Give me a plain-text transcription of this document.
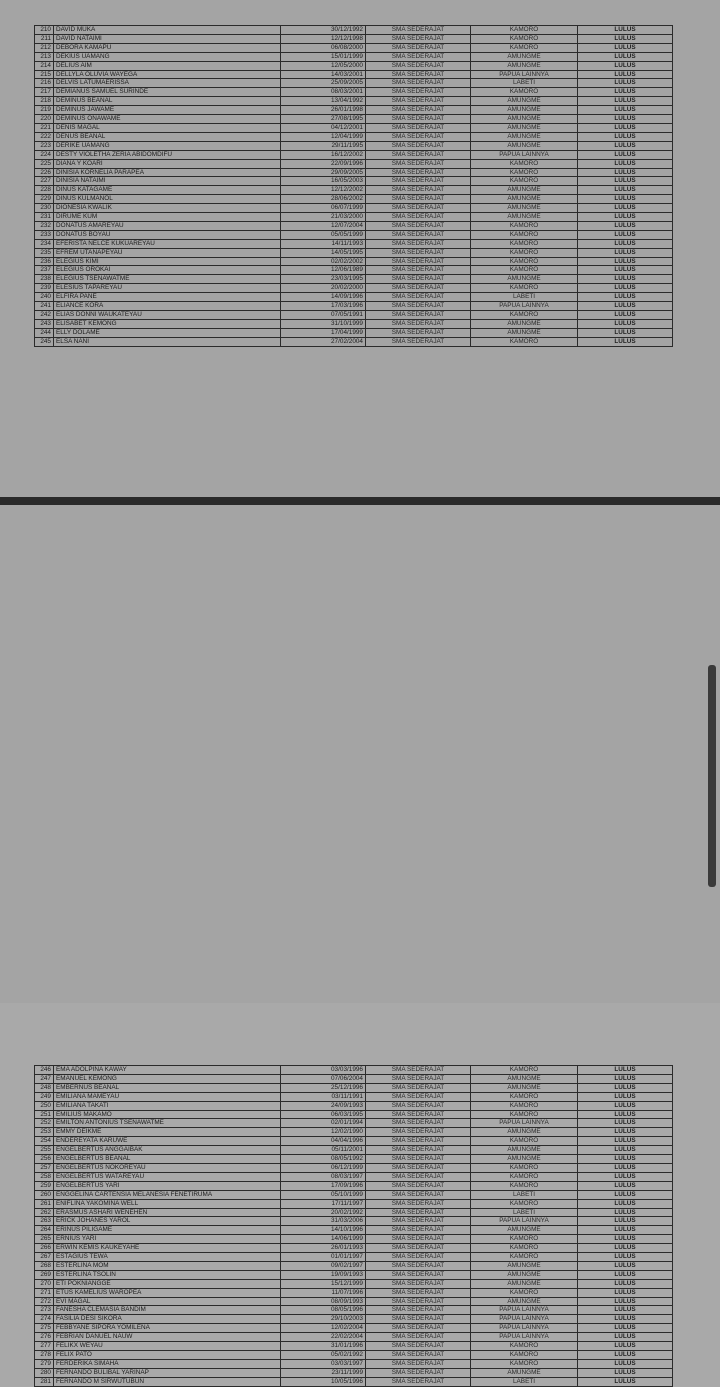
210	DAVID MUKA	30/12/1992	SMA SEDERAJAT	KAMORO	LULUS
211	DAVID NATAIMI	12/12/1998	SMA SEDERAJAT	KAMORO	LULUS
212	DEBORA KAMAPU	06/08/2000	SMA SEDERAJAT	KAMORO	LULUS
213	DEKIUS UAMANG	15/01/1999	SMA SEDERAJAT	AMUNGME	LULUS
214	DELIUS AIM	12/05/2000	SMA SEDERAJAT	AMUNGME	LULUS
215	DELLYLA OLUVIA WAYEGA	14/03/2001	SMA SEDERAJAT	PAPUA LAINNYA	LULUS
216	DELVIS LATUMAERISSA	25/09/2005	SMA SEDERAJAT	LABETI	LULUS
217	DEMIANUS SAMUEL SURINDE	08/03/2001	SMA SEDERAJAT	KAMORO	LULUS
218	DEMINUS BEANAL	13/04/1992	SMA SEDERAJAT	AMUNGME	LULUS
219	DEMINUS JAWAME	26/01/1998	SMA SEDERAJAT	AMUNGME	LULUS
220	DEMINUS ONAWAME	27/08/1995	SMA SEDERAJAT	AMUNGME	LULUS
221	DENIS MAGAL	04/12/2001	SMA SEDERAJAT	AMUNGME	LULUS
222	DENUS BEANAL	12/04/1999	SMA SEDERAJAT	AMUNGME	LULUS
223	DERIKE UAMANG	29/11/1995	SMA SEDERAJAT	AMUNGME	LULUS
224	DESTY VIOLETHA ZERIA ABIDOMDIFU	16/12/2002	SMA SEDERAJAT	PAPUA LAINNYA	LULUS
225	DIANA Y KOARI	22/09/1996	SMA SEDERAJAT	KAMORO	LULUS
226	DINISIA KORNELIA PARAPEA	29/09/2005	SMA SEDERAJAT	KAMORO	LULUS
227	DINISIA NATAIMI	16/05/2003	SMA SEDERAJAT	KAMORO	LULUS
228	DINUS KATAGAME	12/12/2002	SMA SEDERAJAT	AMUNGME	LULUS
229	DINUS KULMANOL	28/06/2002	SMA SEDERAJAT	AMUNGME	LULUS
230	DIONESIA KWALIK	06/07/1999	SMA SEDERAJAT	AMUNGME	LULUS
231	DIRUME KUM	21/03/2000	SMA SEDERAJAT	AMUNGME	LULUS
232	DONATUS AMAREYAU	12/07/2004	SMA SEDERAJAT	KAMORO	LULUS
233	DONATUS BOYAU	05/05/1999	SMA SEDERAJAT	KAMORO	LULUS
234	EFERISTA NELCE KUKUAREYAU	14/11/1993	SMA SEDERAJAT	KAMORO	LULUS
235	EFREM UTANAPEYAU	14/05/1995	SMA SEDERAJAT	KAMORO	LULUS
236	ELEGIUS KIMI	02/02/2002	SMA SEDERAJAT	KAMORO	LULUS
237	ELEGIUS OROKAI	12/06/1989	SMA SEDERAJAT	KAMORO	LULUS
238	ELEGIUS TSENAWATME	23/03/1995	SMA SEDERAJAT	AMUNGME	LULUS
239	ELESIUS TAPAREYAU	20/02/2000	SMA SEDERAJAT	KAMORO	LULUS
240	ELFIRA PANE	14/09/1996	SMA SEDERAJAT	LABETI	LULUS
241	ELIANCE KORA	17/03/1996	SMA SEDERAJAT	PAPUA LAINNYA	LULUS
242	ELIAS DONNI WAUKATEYAU	07/05/1991	SMA SEDERAJAT	KAMORO	LULUS
243	ELISABET KEMONG	31/10/1999	SMA SEDERAJAT	AMUNGME	LULUS
244	ELLY DOLAME	17/04/1999	SMA SEDERAJAT	AMUNGME	LULUS
245	ELSA NANI	27/02/2004	SMA SEDERAJAT	KAMORO	LULUS
246	EMA ADOLPINA KAWAY	03/03/1996	SMA SEDERAJAT	KAMORO	LULUS
247	EMANUEL KEMONG	07/06/2004	SMA SEDERAJAT	AMUNGME	LULUS
248	EMBERNUS BEANAL	25/12/1996	SMA SEDERAJAT	AMUNGME	LULUS
249	EMILIANA MAMEYAU	03/11/1991	SMA SEDERAJAT	KAMORO	LULUS
250	EMILIANA TAKATI	24/09/1993	SMA SEDERAJAT	KAMORO	LULUS
251	EMILIUS MAKAMO	06/03/1995	SMA SEDERAJAT	KAMORO	LULUS
252	EMILTON ANTONIUS TSENAWATME	02/01/1994	SMA SEDERAJAT	PAPUA LAINNYA	LULUS
253	EMMY DEIKME	12/02/1990	SMA SEDERAJAT	AMUNGME	LULUS
254	ENDEREYATA KARUWE	04/04/1996	SMA SEDERAJAT	KAMORO	LULUS
255	ENGELBERTUS ANGGAIBAK	05/11/2001	SMA SEDERAJAT	AMUNGME	LULUS
256	ENGELBERTUS BEANAL	08/05/1992	SMA SEDERAJAT	AMUNGME	LULUS
257	ENGELBERTUS NOKOREYAU	06/12/1999	SMA SEDERAJAT	KAMORO	LULUS
258	ENGELBERTUS WATAREYAU	08/03/1997	SMA SEDERAJAT	KAMORO	LULUS
259	ENGELBERTUS YARI	17/09/1996	SMA SEDERAJAT	KAMORO	LULUS
260	ENGGELINA CARTENSIA MELANESIA FENETIRUMA	05/10/1999	SMA SEDERAJAT	LABETI	LULUS
261	ENIFLINA YAKOMINA WELL	17/11/1997	SMA SEDERAJAT	KAMORO	LULUS
262	ERASMUS ASHARI WENEHEN	20/02/1992	SMA SEDERAJAT	LABETI	LULUS
263	ERICK JOHANES YAROL	31/03/2006	SMA SEDERAJAT	PAPUA LAINNYA	LULUS
264	ERINUS PILIGAME	14/10/1996	SMA SEDERAJAT	AMUNGME	LULUS
265	ERNIUS YARI	14/06/1999	SMA SEDERAJAT	KAMORO	LULUS
266	ERWIN KEMIS KAUKEYAHE	26/01/1993	SMA SEDERAJAT	KAMORO	LULUS
267	ESTAGIUS TEWA	01/01/1997	SMA SEDERAJAT	KAMORO	LULUS
268	ESTERLINA MOM	09/02/1997	SMA SEDERAJAT	AMUNGME	LULUS
269	ESTERLINA TSOLIN	19/09/1993	SMA SEDERAJAT	AMUNGME	LULUS
270	ETI POKNIANGGE	15/12/1999	SMA SEDERAJAT	AMUNGME	LULUS
271	ETUS KAMELIUS WAROPEA	11/07/1996	SMA SEDERAJAT	KAMORO	LULUS
272	EVI MAGAL	08/09/1993	SMA SEDERAJAT	AMUNGME	LULUS
273	FANESHA CLEMASIA BANDIM	08/05/1996	SMA SEDERAJAT	PAPUA LAINNYA	LULUS
274	FASILIA DESI SIKORA	29/10/2003	SMA SEDERAJAT	PAPUA LAINNYA	LULUS
275	FEBBYANE SIPORA YOMILENA	12/02/2004	SMA SEDERAJAT	PAPUA LAINNYA	LULUS
276	FEBRIAN DANUEL NAUW	22/02/2004	SMA SEDERAJAT	PAPUA LAINNYA	LULUS
277	FELIKX WEYAU	31/01/1996	SMA SEDERAJAT	KAMORO	LULUS
278	FELIX PATO	05/02/1992	SMA SEDERAJAT	KAMORO	LULUS
279	FERDERIKA SIMAHA	03/03/1997	SMA SEDERAJAT	KAMORO	LULUS
280	FERNANDO BULIBAL YARINAP	23/11/1999	SMA SEDERAJAT	AMUNGME	LULUS
281	FERNANDO M SIRWUTUBUN	10/05/1996	SMA SEDERAJAT	LABETI	LULUS
